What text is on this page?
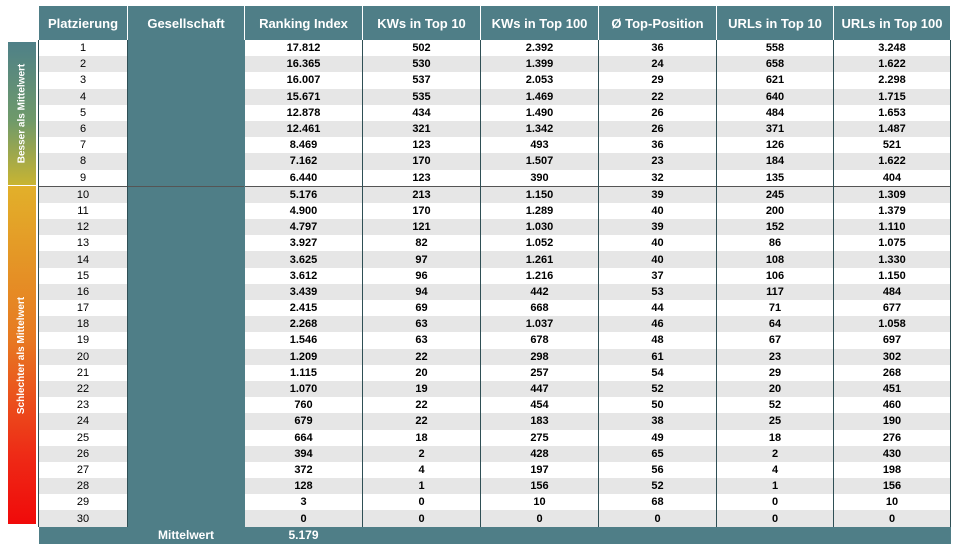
Besser als Mittelwert
Schlechter als Mittelwert
Platzierung	Gesellschaft	Ranking Index	KWs in Top 10	KWs in Top 100	Ø Top-Position	URLs in Top 10	URLs in Top 100
1		17.812	502	2.392	36	558	3.248
2		16.365	530	1.399	24	658	1.622
3		16.007	537	2.053	29	621	2.298
4		15.671	535	1.469	22	640	1.715
5		12.878	434	1.490	26	484	1.653
6		12.461	321	1.342	26	371	1.487
7		8.469	123	493	36	126	521
8		7.162	170	1.507	23	184	1.622
9		6.440	123	390	32	135	404
10		5.176	213	1.150	39	245	1.309
11		4.900	170	1.289	40	200	1.379
12		4.797	121	1.030	39	152	1.110
13		3.927	82	1.052	40	86	1.075
14		3.625	97	1.261	40	108	1.330
15		3.612	96	1.216	37	106	1.150
16		3.439	94	442	53	117	484
17		2.415	69	668	44	71	677
18		2.268	63	1.037	46	64	1.058
19		1.546	63	678	48	67	697
20		1.209	22	298	61	23	302
21		1.115	20	257	54	29	268
22		1.070	19	447	52	20	451
23		760	22	454	50	52	460
24		679	22	183	38	25	190
25		664	18	275	49	18	276
26		394	2	428	65	2	430
27		372	4	197	56	4	198
28		128	1	156	52	1	156
29		3	0	10	68	0	10
30		0	0	0	0	0	0
	Mittelwert	5.179					
